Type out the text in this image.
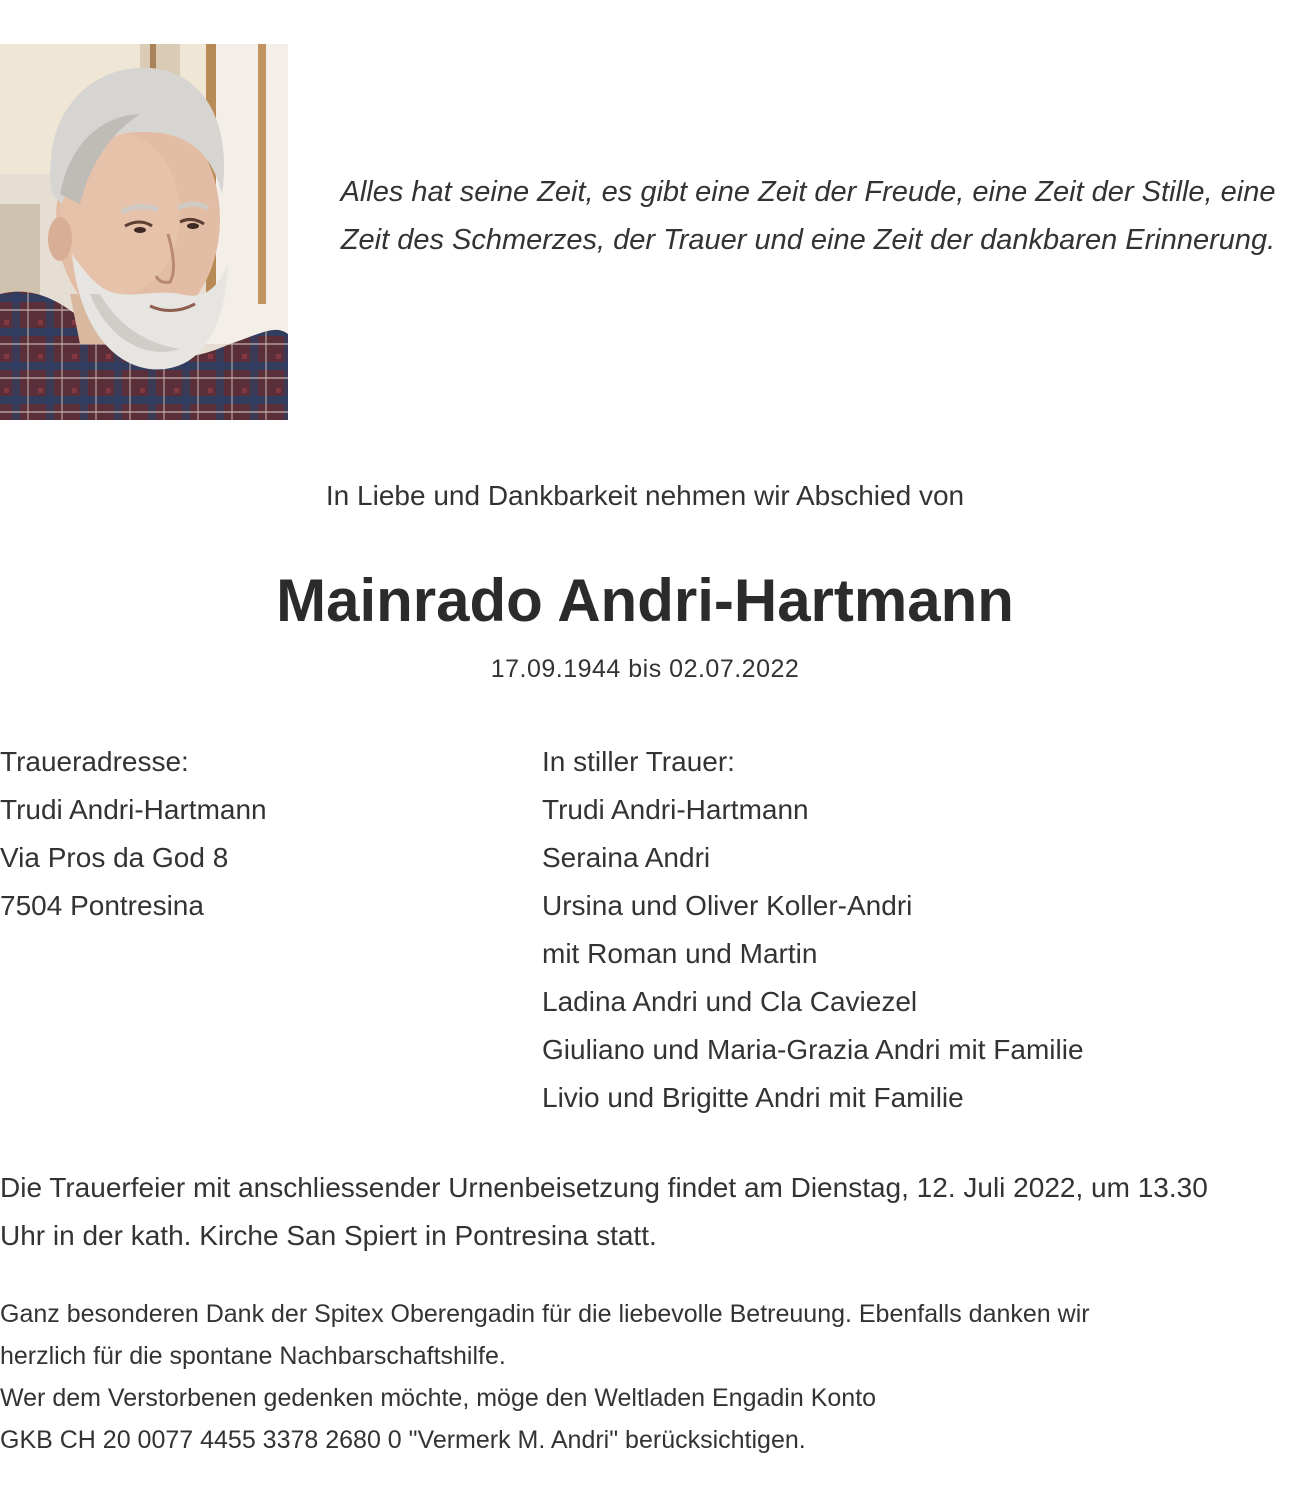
Alles hat seine Zeit, es gibt eine Zeit der Freude, eine Zeit der Stille, eine Zeit des Schmerzes, der Trauer und eine Zeit der dankbaren Erinnerung.
In Liebe und Dankbarkeit nehmen wir Abschied von
Mainrado Andri-Hartmann
17.09.1944 bis 02.07.2022
Traueradresse:
Trudi Andri-Hartmann
Via Pros da God 8
7504 Pontresina
In stiller Trauer:
Trudi Andri-Hartmann
Seraina Andri
Ursina und Oliver Koller-Andri
mit Roman und Martin
Ladina Andri und Cla Caviezel
Giuliano und Maria-Grazia Andri mit Familie
Livio und Brigitte Andri mit Familie
Die Trauerfeier mit anschliessender Urnenbeisetzung findet am Dienstag, 12. Juli 2022, um 13.30 Uhr in der kath. Kirche San Spiert in Pontresina statt.
Ganz besonderen Dank der Spitex Oberengadin für die liebevolle Betreuung. Ebenfalls danken wir
herzlich für die spontane Nachbarschaftshilfe.
Wer dem Verstorbenen gedenken möchte, möge den Weltladen Engadin Konto
GKB CH 20 0077 4455 3378 2680 0 "Vermerk M. Andri" berücksichtigen.
